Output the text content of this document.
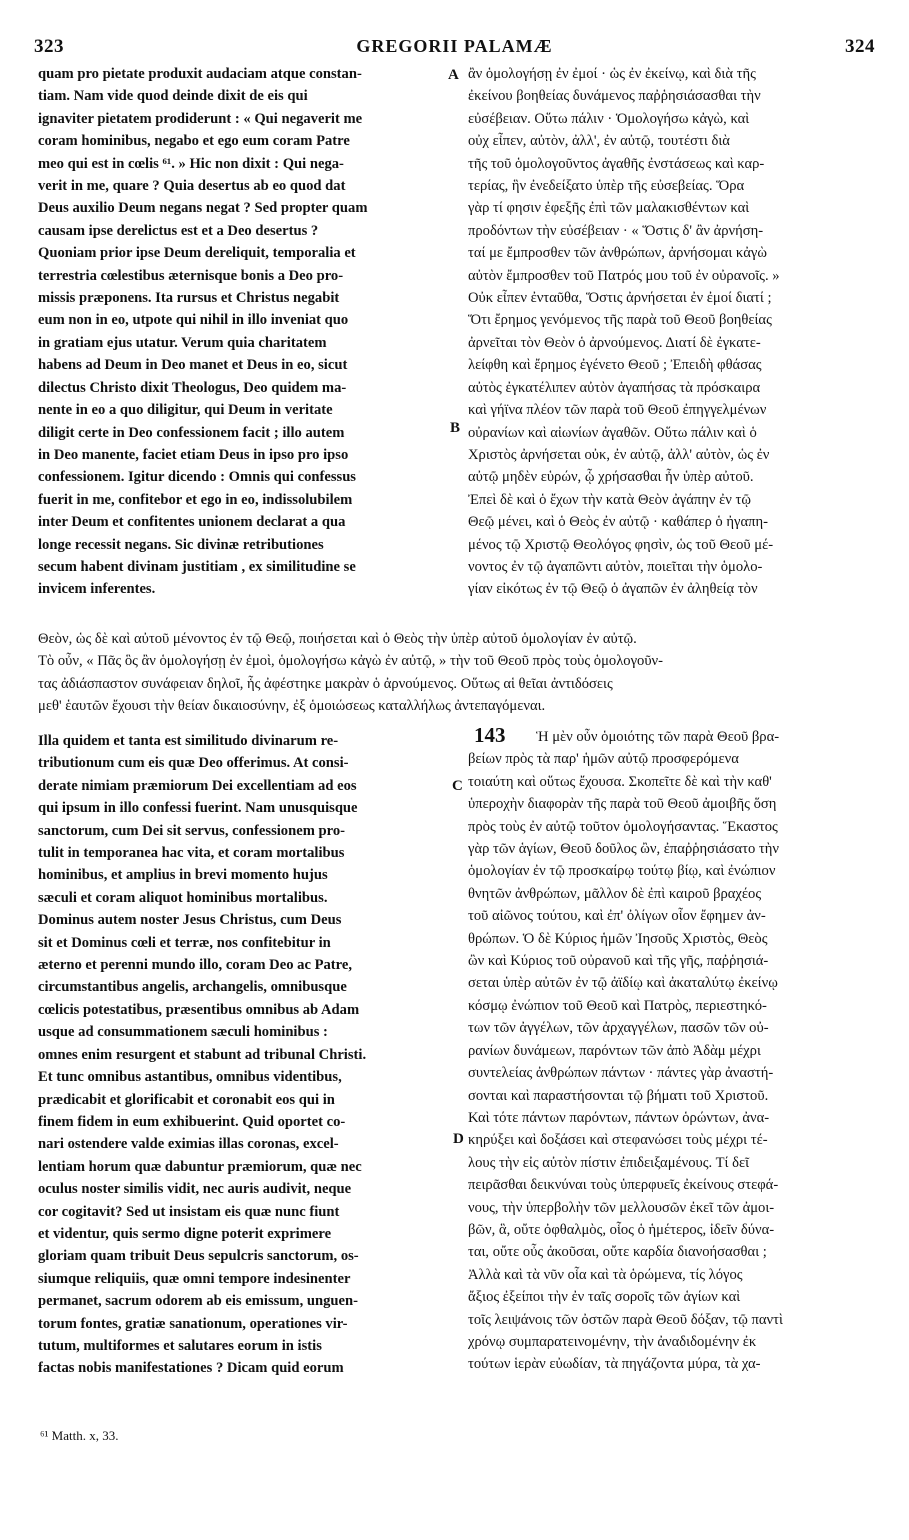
323	GREGORII PALAMÆ	324
quam pro pietate produxit audaciam atque constan-
tiam. Nam vide quod deinde dixit de eis qui
ignaviter pietatem prodiderunt : « Qui negaverit me
coram hominibus, negabo et ego eum coram Patre
meo qui est in cœlis ⁶¹. » Hic non dixit : Qui nega-
verit in me, quare ? Quia desertus ab eo quod dat
Deus auxilio Deum negans negat ? Sed propter quam
causam ipse derelictus est et a Deo desertus ?
Quoniam prior ipse Deum dereliquit, temporalia et
terrestria cœlestibus æternisque bonis a Deo pro-
missis præponens. Ita rursus et Christus negabit
eum non in eo, utpote qui nihil in illo inveniat quo
in gratiam ejus utatur. Verum quia charitatem
habens ad Deum in Deo manet et Deus in eo, sicut
dilectus Christo dixit Theologus, Deo quidem ma-
nente in eo a quo diligitur, qui Deum in veritate
diligit certe in Deo confessionem facit ; illo autem
in Deo manente, faciet etiam Deus in ipso pro ipso
confessionem. Igitur dicendo : Omnis qui confessus
fuerit in me, confitebor et ego in eo, indissolubilem
inter Deum et confitentes unionem declarat a qua
longe recessit negans. Sic divinæ retributiones
secum habent divinam justitiam , ex similitudine se
invicem inferentes.
ἂν ὁμολογήσῃ ἐν ἐμοί · ὡς ἐν ἐκείνῳ, καὶ διὰ τῆς
ἐκείνου βοηθείας δυνάμενος παῤῥησιάσασθαι τὴν
εὐσέβειαν. Οὕτω πάλιν · Ὁμολογήσω κἀγὼ, καὶ
οὐχ εἶπεν, αὐτὸν, ἀλλ', ἐν αὐτῷ, τουτέστι διὰ
τῆς τοῦ ὁμολογοῦντος ἀγαθῆς ἐνστάσεως καὶ καρ-
τερίας, ἣν ἐνεδείξατο ὑπὲρ τῆς εὐσεβείας. Ὅρα
γὰρ τί φησιν ἐφεξῆς ἐπὶ τῶν μαλακισθέντων καὶ
προδόντων τὴν εὐσέβειαν · « Ὅστις δ' ἂν ἀρνήση-
ταί με ἔμπροσθεν τῶν ἀνθρώπων, ἀρνήσομαι κἀγὼ
αὐτὸν ἔμπροσθεν τοῦ Πατρός μου τοῦ ἐν οὐρανοῖς. »
Οὐκ εἶπεν ἐνταῦθα, Ὅστις ἀρνήσεται ἐν ἐμοί διατί ;
Ὅτι ἔρημος γενόμενος τῆς παρὰ τοῦ Θεοῦ βοηθείας
ἀρνεῖται τὸν Θεὸν ὁ ἀρνούμενος. Διατί δὲ ἐγκατε-
λείφθη καὶ ἔρημος ἐγένετο Θεοῦ ; Ἐπειδὴ φθάσας
αὐτὸς ἐγκατέλιπεν αὐτὸν ἀγαπήσας τὰ πρόσκαιρα
καὶ γήϊνα πλέον τῶν παρὰ τοῦ Θεοῦ ἐπηγγελμένων
οὐρανίων καὶ αἰωνίων ἀγαθῶν. Οὕτω πάλιν καὶ ὁ
Χριστὸς ἀρνήσεται οὐκ, ἐν αὐτῷ, ἀλλ' αὐτὸν, ὡς ἐν
αὐτῷ μηδὲν εὑρών, ᾧ χρήσασθαι ἦν ὑπὲρ αὐτοῦ.
Ἐπεὶ δὲ καὶ ὁ ἔχων τὴν κατὰ Θεὸν ἀγάπην ἐν τῷ
Θεῷ μένει, καὶ ὁ Θεὸς ἐν αὐτῷ · καθάπερ ὁ ἠγαπη-
μένος τῷ Χριστῷ Θεολόγος φησὶν, ὡς τοῦ Θεοῦ μέ-
νοντος ἐν τῷ ἀγαπῶντι αὐτὸν, ποιεῖται τὴν ὁμολο-
γίαν εἰκότως ἐν τῷ Θεῷ ὁ ἀγαπῶν ἐν ἀληθείᾳ τὸν
Θεὸν, ὡς δὲ καὶ αὐτοῦ μένοντος ἐν τῷ Θεῷ, ποιήσεται καὶ ὁ Θεὸς τὴν ὑπὲρ αὐτοῦ ὁμολογίαν ἐν αὐτῷ.
Τὸ οὖν, « Πᾶς ὃς ἂν ὁμολογήσῃ ἐν ἐμοὶ, ὁμολογήσω κἀγὼ ἐν αὐτῷ, » τὴν τοῦ Θεοῦ πρὸς τοὺς ὁμολογοῦν-
τας ἀδιάσπαστον συνάφειαν δηλοῖ, ἧς ἀφέστηκε μακρὰν ὁ ἀρνούμενος. Οὕτως αἱ θεῖαι ἀντιδόσεις
μεθ' ἑαυτῶν ἔχουσι τὴν θείαν δικαιοσύνην, ἐξ ὁμοιώσεως καταλλήλως ἀντεπαγόμεναι.
Illa quidem et tanta est similitudo divinarum re-
tributionum cum eis quæ Deo offerimus. At consi-
derate nimiam præmiorum Dei excellentiam ad eos
qui ipsum in illo confessi fuerint. Nam unusquisque
sanctorum, cum Dei sit servus, confessionem pro-
tulit in temporanea hac vita, et coram mortalibus
hominibus, et amplius in brevi momento hujus
sæculi et coram aliquot hominibus mortalibus.
Dominus autem noster Jesus Christus, cum Deus
sit et Dominus cœli et terræ, nos confitebitur in
æterno et perenni mundo illo, coram Deo ac Patre,
circumstantibus angelis, archangelis, omnibusque
cœlicis potestatibus, præsentibus omnibus ab Adam
usque ad consummationem sæculi hominibus :
omnes enim resurgent et stabunt ad tribunal Christi.
Et tunc omnibus astantibus, omnibus videntibus,
prædicabit et glorificabit et coronabit eos qui in
finem fidem in eum exhibuerint. Quid oportet co-
nari ostendere valde eximias illas coronas, excel-
lentiam horum quæ dabuntur præmiorum, quæ nec
oculus noster similis vidit, nec auris audivit, neque
cor cogitavit? Sed ut insistam eis quæ nunc fiunt
et videntur, quis sermo digne poterit exprimere
gloriam quam tribuit Deus sepulcris sanctorum, os-
siumque reliquiis, quæ omni tempore indesinenter
permanet, sacrum odorem ab eis emissum, unguen-
torum fontes, gratiæ sanationum, operationes vir-
tutum, multiformes et salutares eorum in istis
factas nobis manifestationes ? Dicam quid eorum
143	Ἡ μὲν οὖν ὁμοιότης τῶν παρὰ Θεοῦ βρα-
βείων πρὸς τὰ παρ' ἡμῶν αὐτῷ προσφερόμενα
τοιαύτη καὶ οὕτως ἔχουσα. Σκοπεῖτε δὲ καὶ τὴν καθ'
ὑπεροχὴν διαφορὰν τῆς παρὰ τοῦ Θεοῦ ἀμοιβῆς ὅση
πρὸς τοὺς ἐν αὐτῷ τοῦτον ὁμολογήσαντας. Ἕκαστος
γὰρ τῶν ἁγίων, Θεοῦ δοῦλος ὢν, ἐπαῤῥησιάσατο τὴν
ὁμολογίαν ἐν τῷ προσκαίρῳ τούτῳ βίῳ, καὶ ἐνώπιον
θνητῶν ἀνθρώπων, μᾶλλον δὲ ἐπὶ καιροῦ βραχέος
τοῦ αἰῶνος τούτου, καὶ ἐπ' ὀλίγων οἷον ἔφημεν ἀν-
θρώπων. Ὁ δὲ Κύριος ἡμῶν Ἰησοῦς Χριστὸς, Θεὸς
ὢν καὶ Κύριος τοῦ οὐρανοῦ καὶ τῆς γῆς, παῤῥησιά-
σεται ὑπὲρ αὐτῶν ἐν τῷ ἀϊδίῳ καὶ ἀκαταλύτῳ ἐκείνῳ
κόσμῳ ἐνώπιον τοῦ Θεοῦ καὶ Πατρὸς, περιεστηκό-
των τῶν ἀγγέλων, τῶν ἀρχαγγέλων, πασῶν τῶν οὐ-
ρανίων δυνάμεων, παρόντων τῶν ἀπὸ Ἀδὰμ μέχρι
συντελείας ἀνθρώπων πάντων · πάντες γὰρ ἀναστή-
σονται καὶ παραστήσονται τῷ βήματι τοῦ Χριστοῦ.
Καὶ τότε πάντων παρόντων, πάντων ὁρώντων, ἀνα-
κηρύξει καὶ δοξάσει καὶ στεφανώσει τοὺς μέχρι τέ-
λους τὴν εἰς αὐτὸν πίστιν ἐπιδειξαμένους. Τί δεῖ
πειρᾶσθαι δεικνύναι τοὺς ὑπερφυεῖς ἐκείνους στεφά-
νους, τὴν ὑπερβολὴν τῶν μελλουσῶν ἐκεῖ τῶν ἀμοι-
βῶν, ἃ, οὔτε ὀφθαλμὸς, οἷος ὁ ἡμέτερος, ἰδεῖν δύνα-
ται, οὔτε οὖς ἀκοῦσαι, οὔτε καρδία διανοήσασθαι ;
Ἀλλὰ καὶ τὰ νῦν οἷα καὶ τὰ ὁρώμενα, τίς λόγος
ἄξιος ἐξείποι τὴν ἐν ταῖς σοροῖς τῶν ἁγίων καὶ
τοῖς λειψάνοις τῶν ὀστῶν παρὰ Θεοῦ δόξαν, τῷ παντὶ
χρόνῳ συμπαρατεινομένην, τὴν ἀναδιδομένην ἐκ
τούτων ἱερὰν εὐωδίαν, τὰ πηγάζοντα μύρα, τὰ χα-
A
B
C
D
⁶¹ Matth. x, 33.
